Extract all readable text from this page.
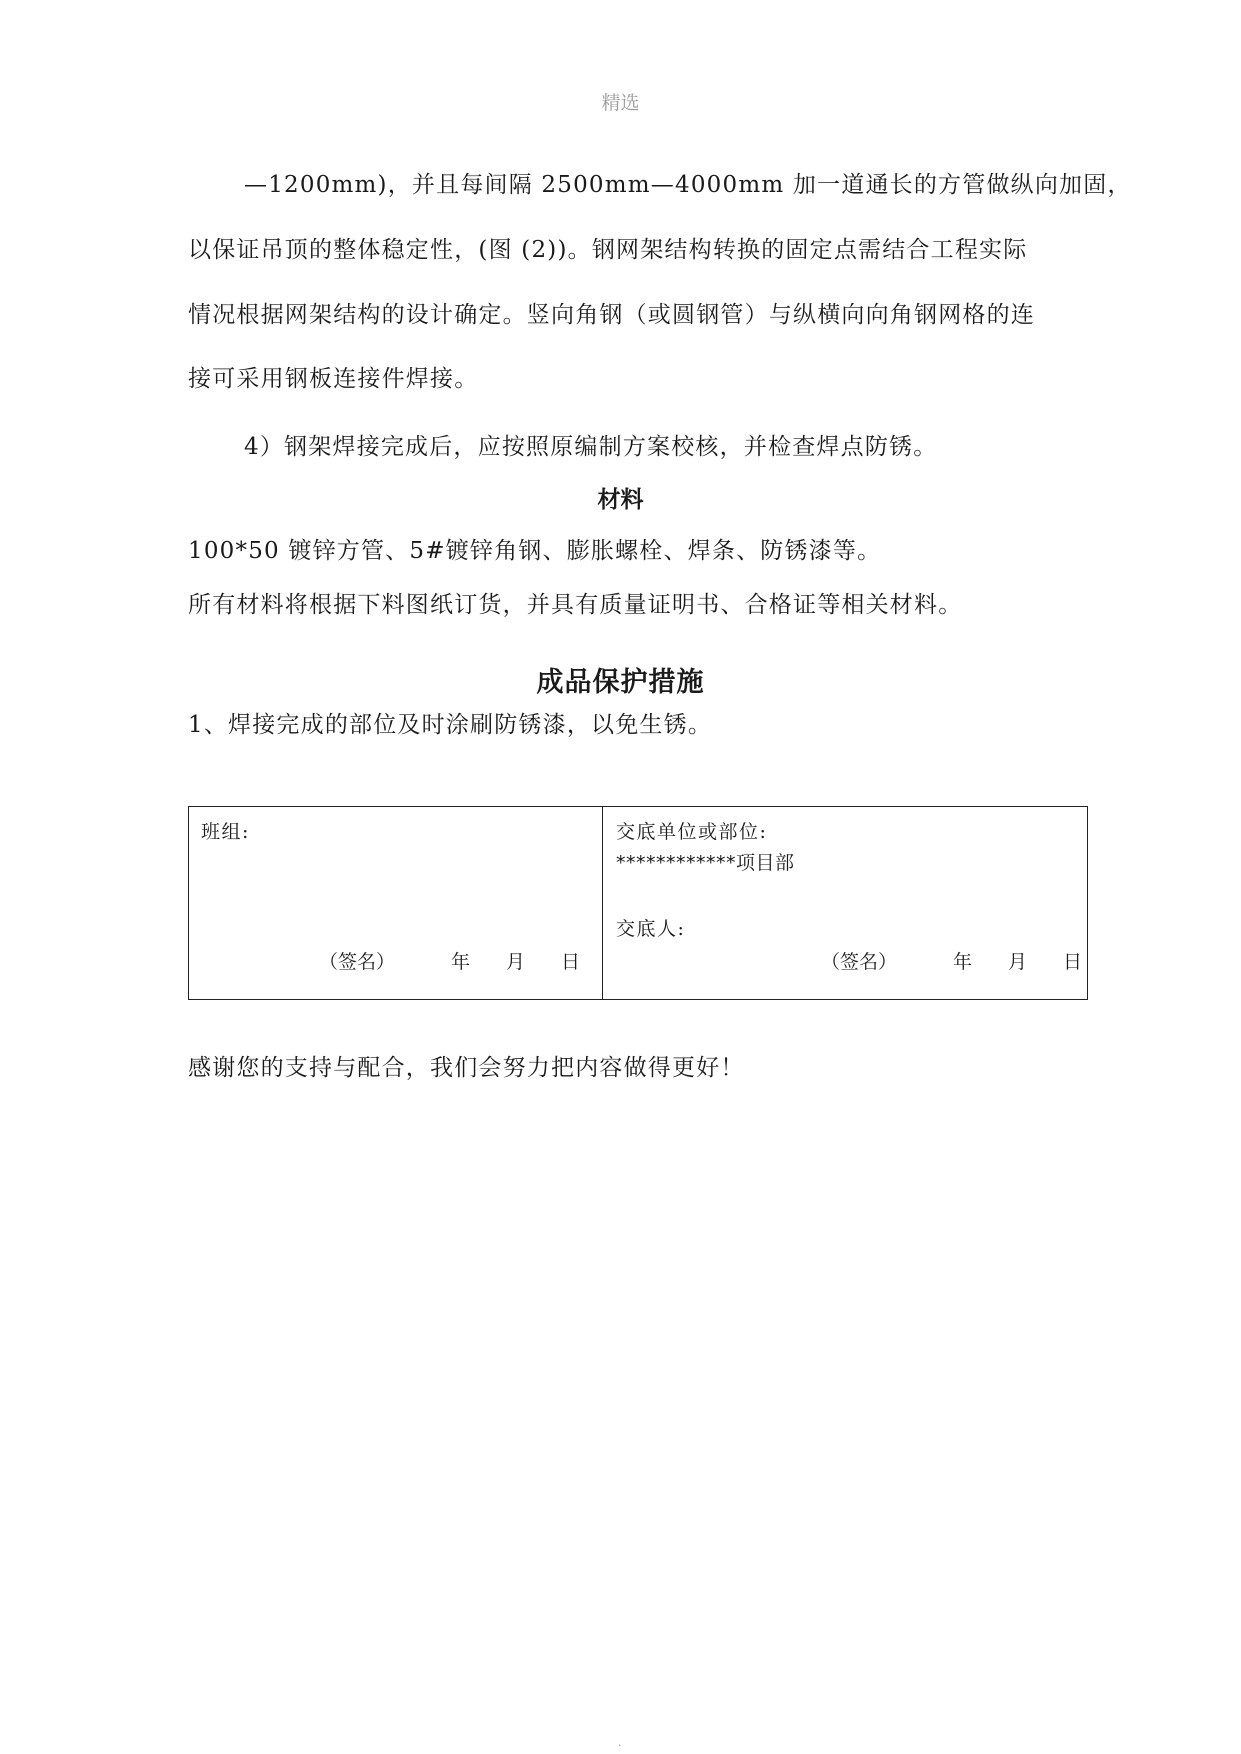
精选
—1200mm)，并且每间隔 2500mm—4000mm 加一道通长的方管做纵向加固，
以保证吊顶的整体稳定性，(图 (2))。钢网架结构转换的固定点需结合工程实际
情况根据网架结构的设计确定。竖向角钢（或圆钢管）与纵横向向角钢网格的连
接可采用钢板连接件焊接。
4）钢架焊接完成后，应按照原编制方案校核，并检查焊点防锈。
材料
100*50 镀锌方管、5#镀锌角钢、膨胀螺栓、焊条、防锈漆等。
所有材料将根据下料图纸订货，并具有质量证明书、合格证等相关材料。
成品保护措施
1、焊接完成的部位及时涂刷防锈漆，以免生锈。
班组:
（签名）	年	月	日
交底单位或部位:
************项目部
交底人:
（签名）	年	月	日
感谢您的支持与配合，我们会努力把内容做得更好！
.
